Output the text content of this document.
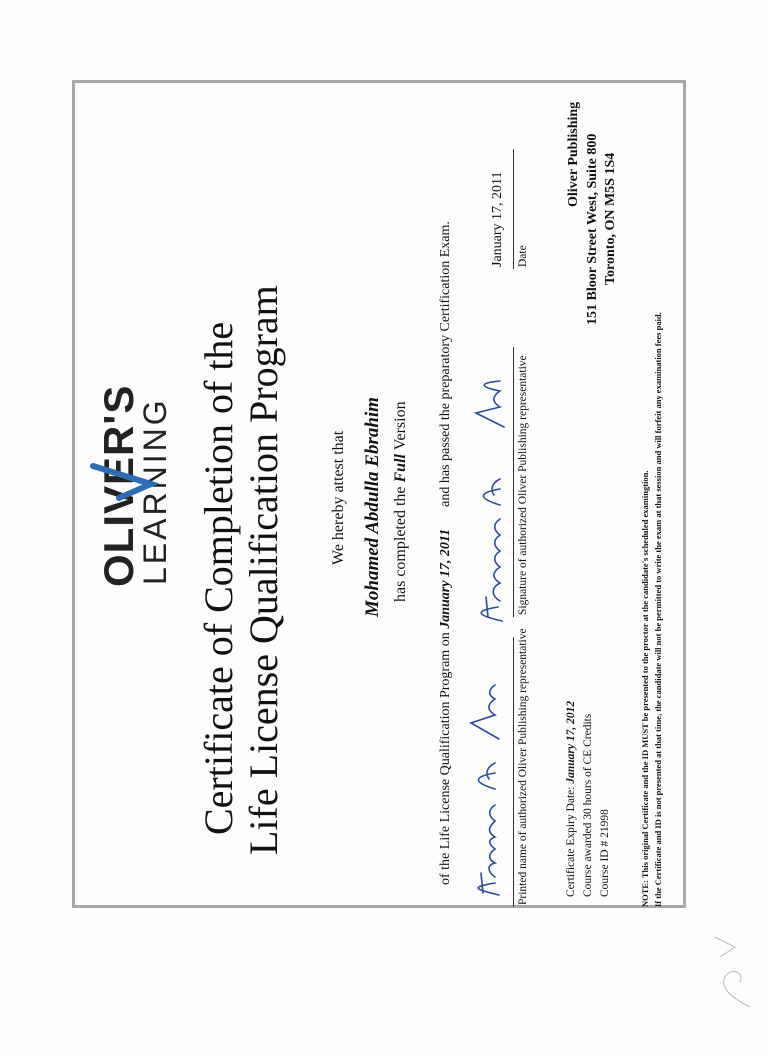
OLIVER'S
LEARNING Certificate of Completion of the Life License Qualification Program	We hereby attest that Mohamed Abdulla Ebrahim has completed the Full Version
of the Life License Qualification Program on January 17, 2011and has passed the preparatory Certification Exam.
Printed name of authorized Oliver Publishing representative
Signature of authorized Oliver Publishing representative
January 17, 2011 Date
Certificate Expiry Date: January 17, 2012 Course awarded 30 hours of CE Credits Course ID # 21998
Oliver Publishing 151 Bloor Street West, Suite 800 Toronto, ON M5S 1S4
NOTE: This original Certificate and the ID MUST be presented to the proctor at the candidate's scheduled examingtion. If the Certificate and ID is not presented at that time, the candidate will not be permitted to write the exam at that session and will forfeit any examination fees paid.
